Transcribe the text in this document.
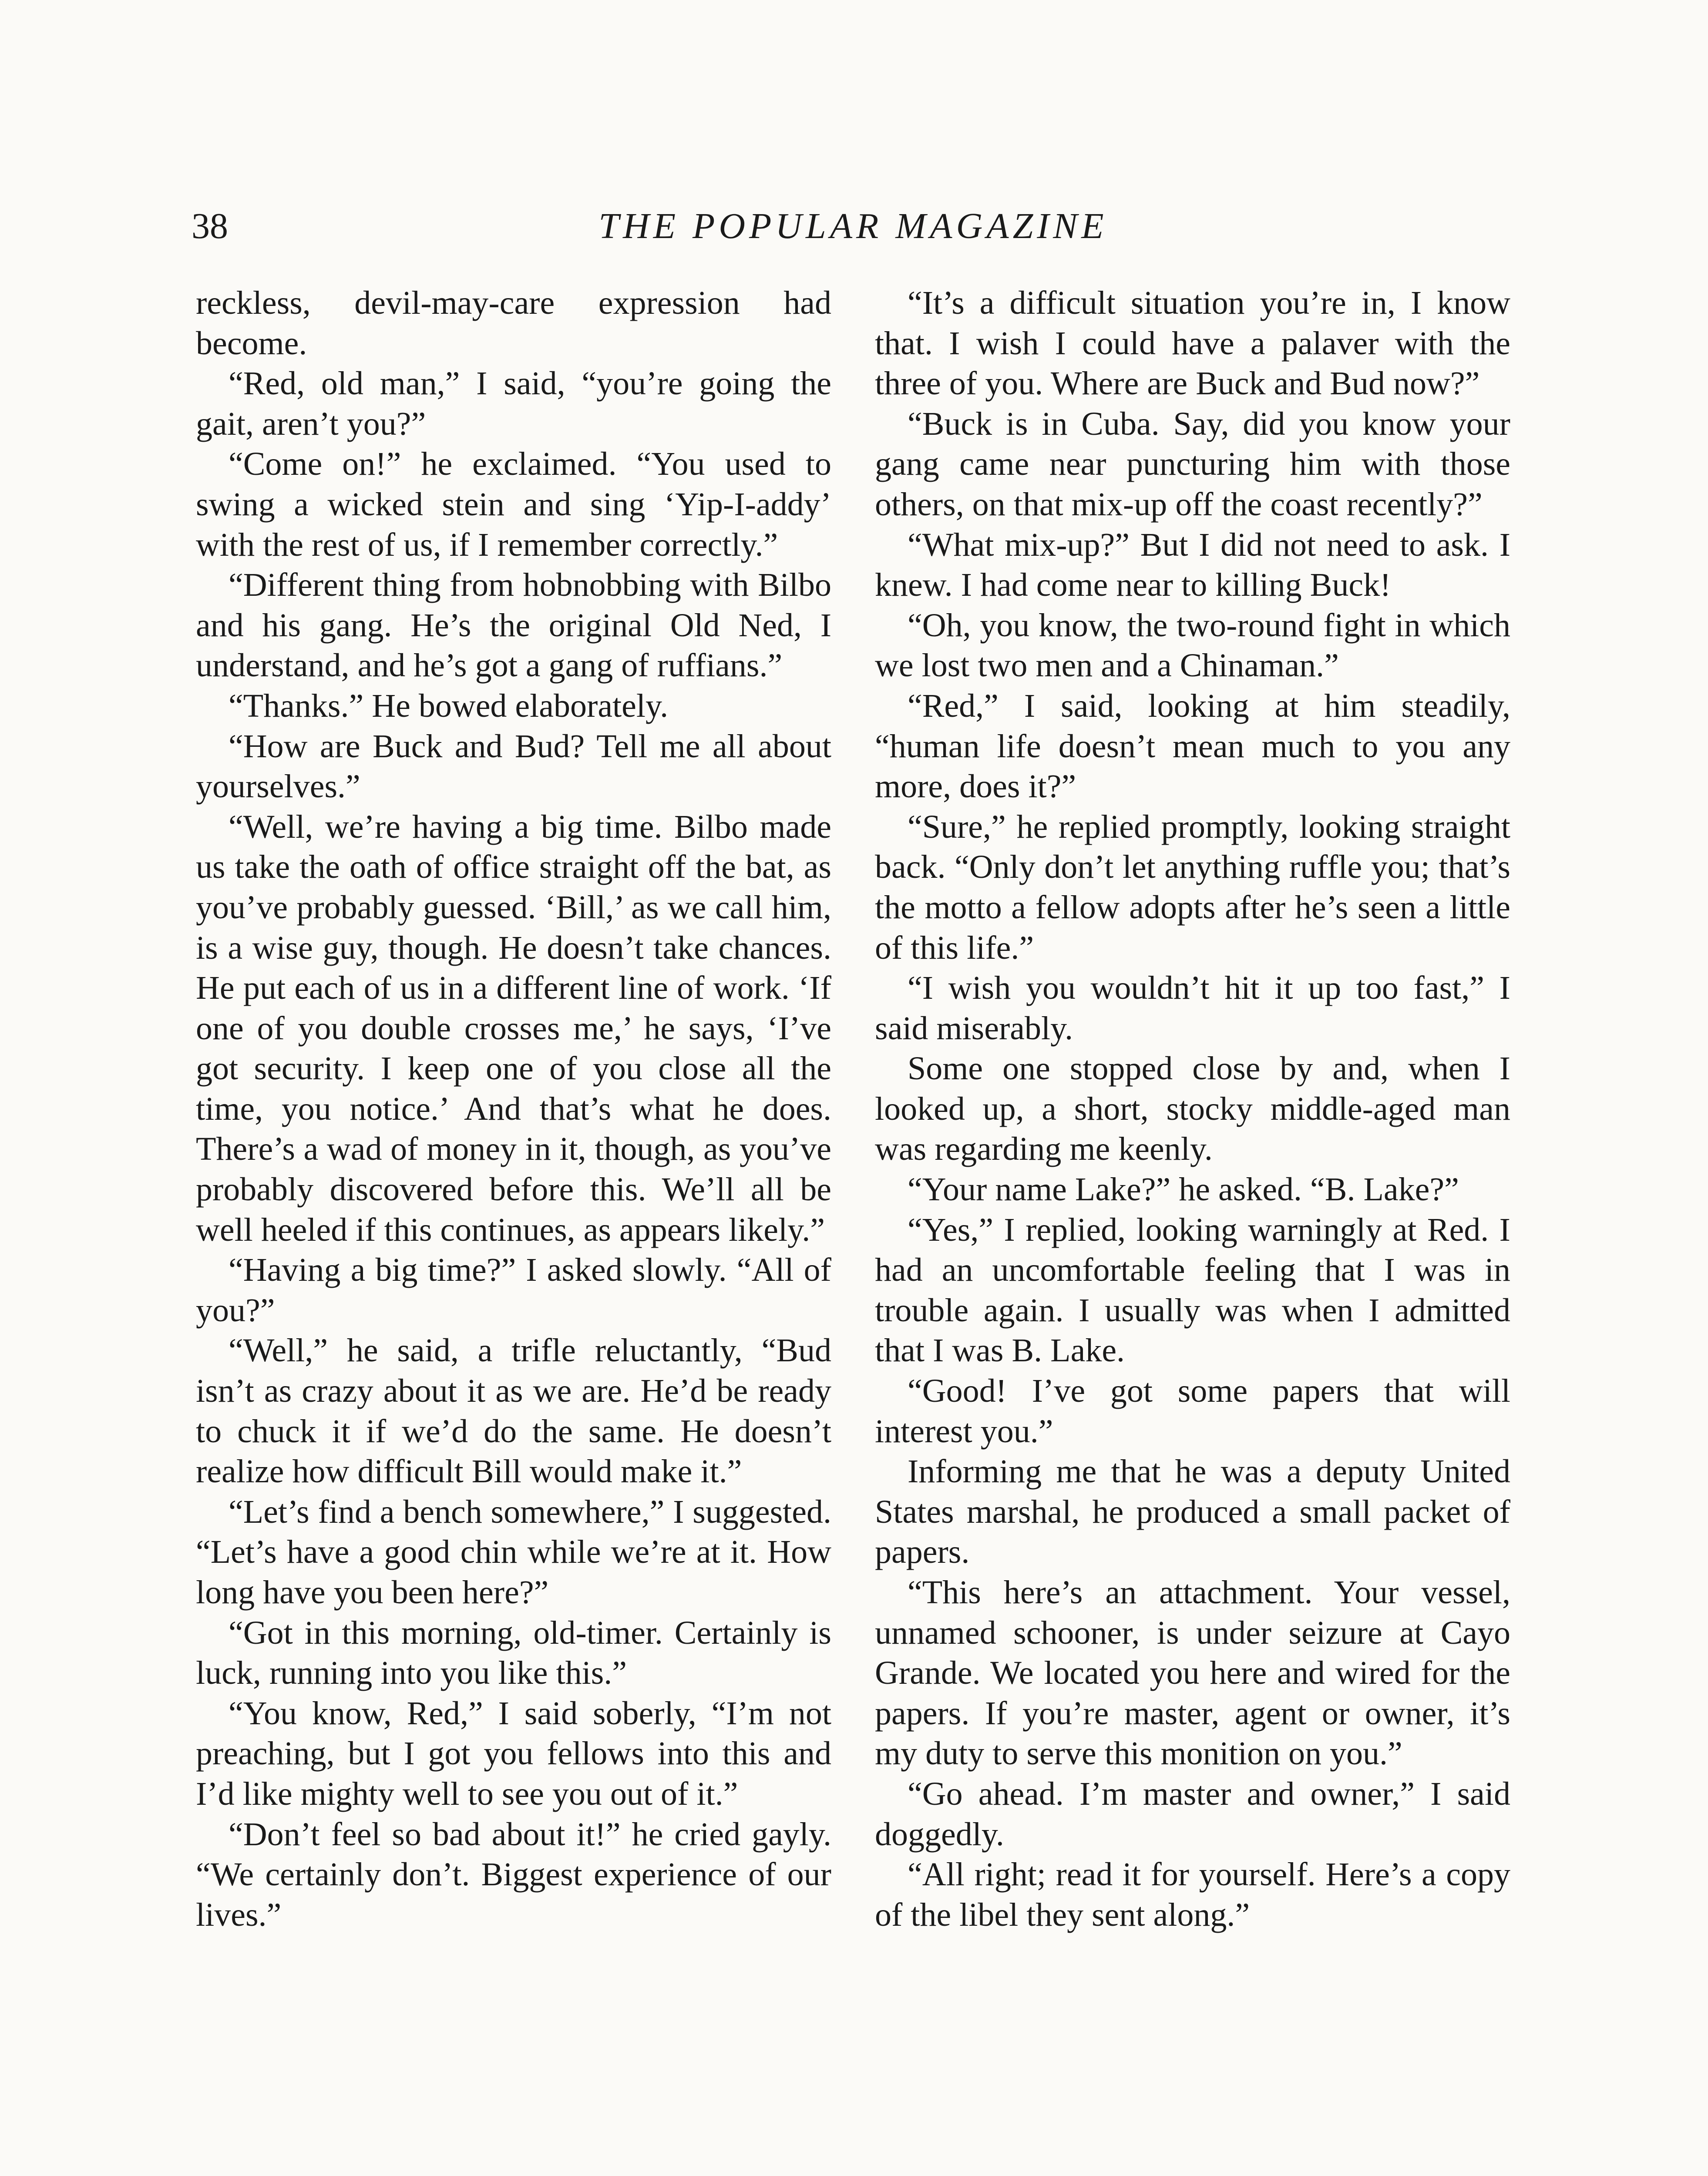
38	THE POPULAR MAGAZINE

reckless, devil-may-care expression had become.

“Red, old man,” I said, “you’re going the gait, aren’t you?”

“Come on!” he exclaimed. “You used to swing a wicked stein and sing ‘Yip-I-addy’ with the rest of us, if I remember correctly.”

“Different thing from hobnobbing with Bilbo and his gang. He’s the original Old Ned, I understand, and he’s got a gang of ruffians.”

“Thanks.” He bowed elaborately.

“How are Buck and Bud? Tell me all about yourselves.”

“Well, we’re having a big time. Bilbo made us take the oath of office straight off the bat, as you’ve probably guessed. ‘Bill,’ as we call him, is a wise guy, though. He doesn’t take chances. He put each of us in a different line of work. ‘If one of you double crosses me,’ he says, ‘I’ve got security. I keep one of you close all the time, you notice.’ And that’s what he does. There’s a wad of money in it, though, as you’ve probably discovered before this. We’ll all be well heeled if this continues, as appears likely.”

“Having a big time?” I asked slowly. “All of you?”

“Well,” he said, a trifle reluctantly, “Bud isn’t as crazy about it as we are. He’d be ready to chuck it if we’d do the same. He doesn’t realize how difficult Bill would make it.”

“Let’s find a bench somewhere,” I suggested. “Let’s have a good chin while we’re at it. How long have you been here?”

“Got in this morning, old-timer. Certainly is luck, running into you like this.”

“You know, Red,” I said soberly, “I’m not preaching, but I got you fellows into this and I’d like mighty well to see you out of it.”

“Don’t feel so bad about it!” he cried gayly. “We certainly don’t. Biggest experience of our lives.”

“It’s a difficult situation you’re in, I know that. I wish I could have a palaver with the three of you. Where are Buck and Bud now?”

“Buck is in Cuba. Say, did you know your gang came near puncturing him with those others, on that mix-up off the coast recently?”

“What mix-up?” But I did not need to ask. I knew. I had come near to killing Buck!

“Oh, you know, the two-round fight in which we lost two men and a Chinaman.”

“Red,” I said, looking at him steadily, “human life doesn’t mean much to you any more, does it?”

“Sure,” he replied promptly, looking straight back. “Only don’t let anything ruffle you; that’s the motto a fellow adopts after he’s seen a little of this life.”

“I wish you wouldn’t hit it up too fast,” I said miserably.

Some one stopped close by and, when I looked up, a short, stocky middle-aged man was regarding me keenly.

“Your name Lake?” he asked. “B. Lake?”

“Yes,” I replied, looking warningly at Red. I had an uncomfortable feeling that I was in trouble again. I usually was when I admitted that I was B. Lake.

“Good! I’ve got some papers that will interest you.”

Informing me that he was a deputy United States marshal, he produced a small packet of papers.

“This here’s an attachment. Your vessel, unnamed schooner, is under seizure at Cayo Grande. We located you here and wired for the papers. If you’re master, agent or owner, it’s my duty to serve this monition on you.”

“Go ahead. I’m master and owner,” I said doggedly.

“All right; read it for yourself. Here’s a copy of the libel they sent along.”
